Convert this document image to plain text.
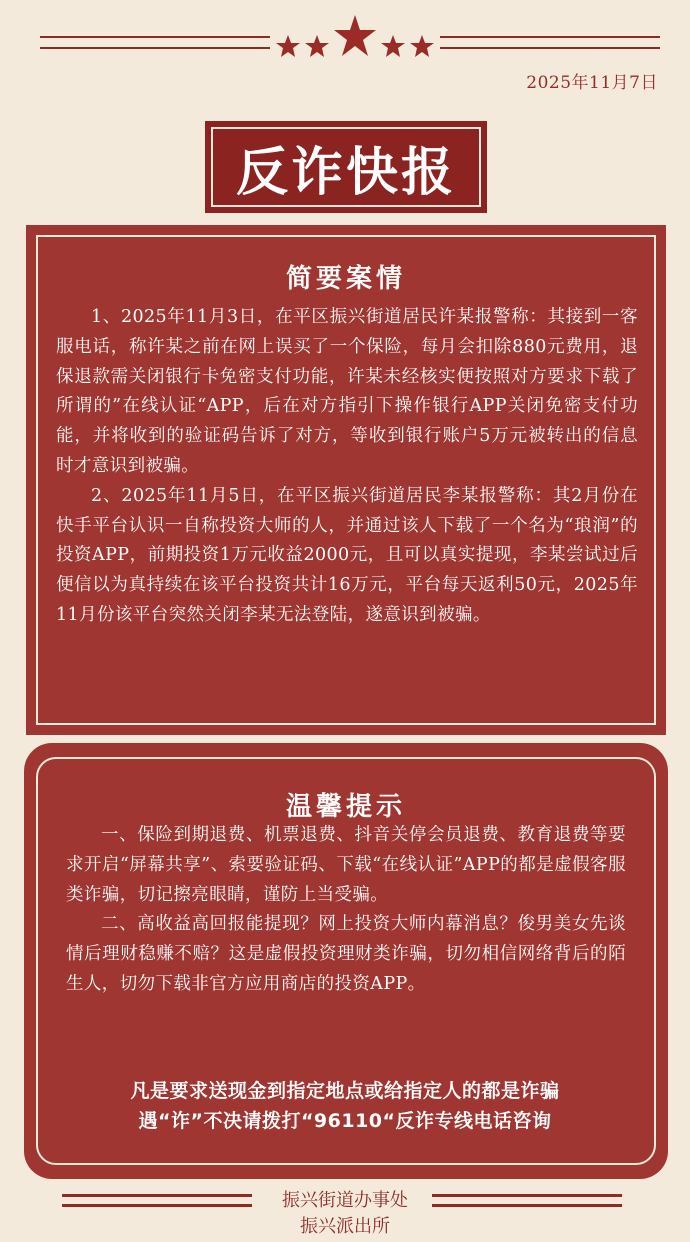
2025年11月7日
反诈快报
简要案情

1、2025年11月3日，在平区振兴街道居民许某报警称：其接到一客服电话，称许某之前在网上误买了一个保险，每月会扣除880元费用，退保退款需关闭银行卡免密支付功能，许某未经核实便按照对方要求下载了所谓的”在线认证“APP，后在对方指引下操作银行APP关闭免密支付功能，并将收到的验证码告诉了对方，等收到银行账户5万元被转出的信息时才意识到被骗。

2、2025年11月5日，在平区振兴街道居民李某报警称：其2月份在快手平台认识一自称投资大师的人，并通过该人下载了一个名为“琅润”的投资APP，前期投资1万元收益2000元，且可以真实提现，李某尝试过后便信以为真持续在该平台投资共计16万元，平台每天返利50元，2025年11月份该平台突然关闭李某无法登陆，遂意识到被骗。

温馨提示

一、保险到期退费、机票退费、抖音关停会员退费、教育退费等要求开启“屏幕共享”、索要验证码、下载“在线认证”APP的都是虚假客服类诈骗，切记擦亮眼睛，谨防上当受骗。

二、高收益高回报能提现？网上投资大师内幕消息？俊男美女先谈情后理财稳赚不赔？这是虚假投资理财类诈骗，切勿相信网络背后的陌生人，切勿下载非官方应用商店的投资APP。

凡是要求送现金到指定地点或给指定人的都是诈骗
遇“诈”不决请拨打“96110“反诈专线电话咨询
振兴街道办事处
振兴派出所
